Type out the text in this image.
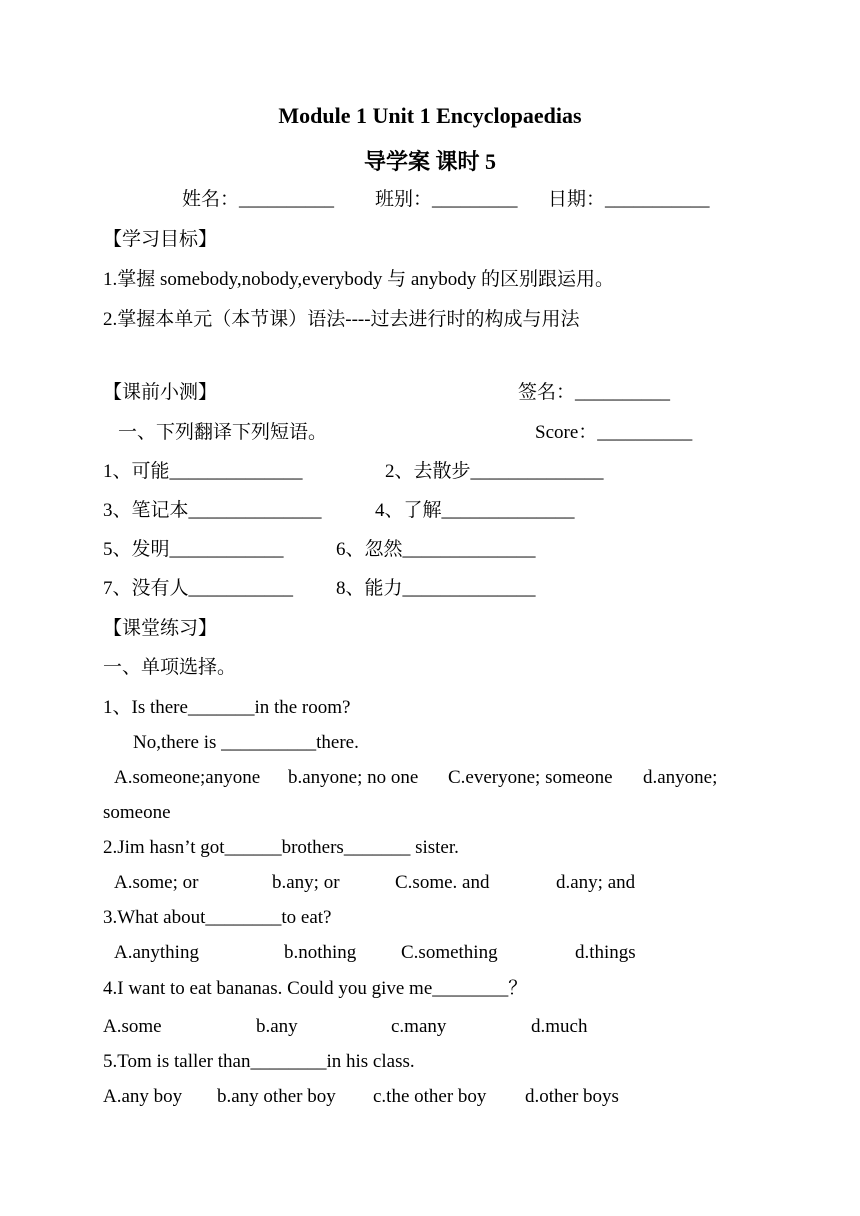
Module 1 Unit 1 Encyclopaedias
导学案 课时 5
姓名：__________ 班别：_________ 日期：___________
【学习目标】
1.掌握 somebody,nobody,everybody 与 anybody 的区别跟运用。
2.掌握本单元（本节课）语法----过去进行时的构成与用法
【课前小测】	签名：__________
一、下列翻译下列短语。	Score：__________
1、可能______________	2、去散步______________
3、笔记本______________	4、了解______________
5、发明____________	6、忽然______________
7、没有人___________ 8、能力______________
【课堂练习】
一、单项选择。
1、Is there_______in the room?
No,there is __________there.
A.someone;anyone b.anyone; no one C.everyone; someone d.anyone;
someone
2.Jim hasn’t got______brothers_______ sister.
A.some; or	b.any; or	C.some. and	d.any; and
3.What about________to eat?
A.anything	b.nothing C.something	d.things
4.I want to eat bananas. Could you give me________？
A.some	b.any	c.many	d.much
5.Tom is taller than________in his class.
A.any boy b.any other boy c.the other boy d.other boys
